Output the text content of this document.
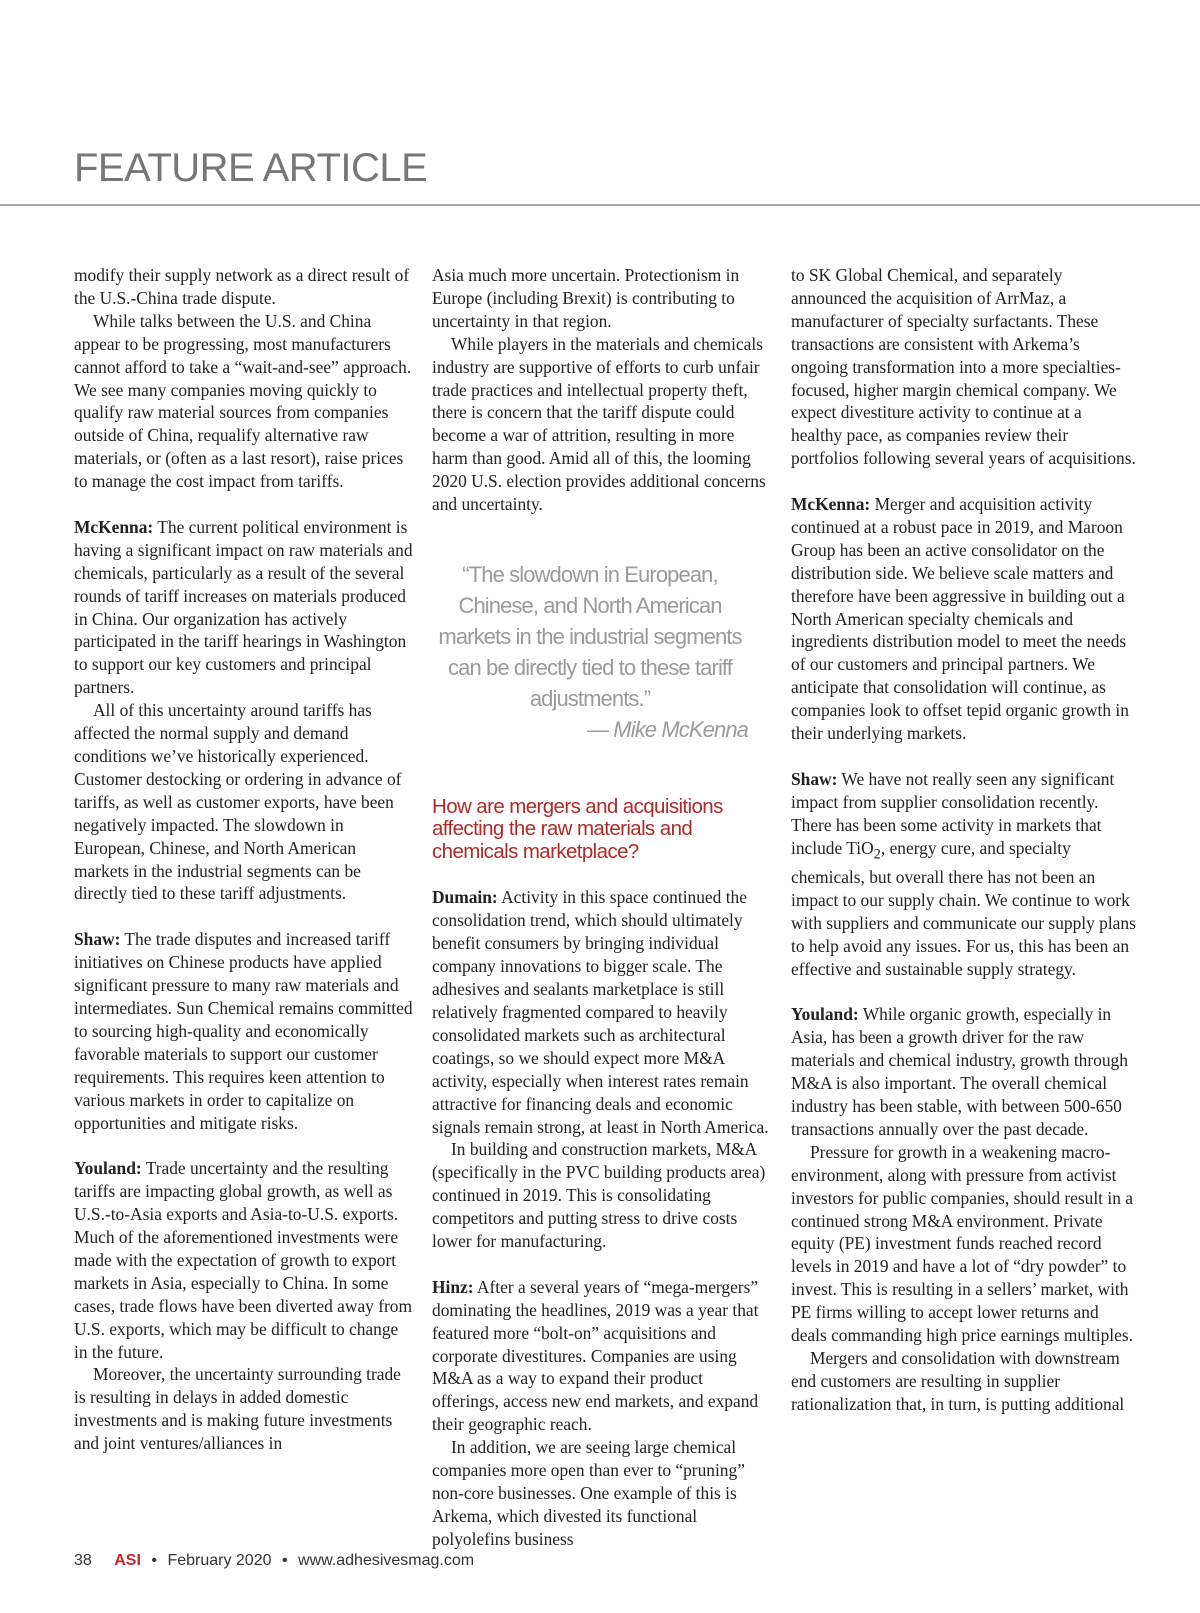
FEATURE ARTICLE

modify their supply network as a direct result of the U.S.-China trade dispute.

While talks between the U.S. and China appear to be progressing, most manufacturers cannot afford to take a “wait-and-see” approach. We see many companies moving quickly to qualify raw material sources from companies outside of China, requalify alternative raw materials, or (often as a last resort), raise prices to manage the cost impact from tariffs.

McKenna: The current political environment is having a significant impact on raw materials and chemicals, particularly as a result of the several rounds of tariff increases on materials produced in China. Our organization has actively participated in the tariff hearings in Washington to support our key customers and principal partners.

All of this uncertainty around tariffs has affected the normal supply and demand conditions we’ve historically experienced. Customer destocking or ordering in advance of tariffs, as well as customer exports, have been negatively impacted. The slowdown in European, Chinese, and North American markets in the industrial segments can be directly tied to these tariff adjustments.

Shaw: The trade disputes and increased tariff initiatives on Chinese products have applied significant pressure to many raw materials and intermediates. Sun Chemical remains committed to sourcing high-quality and economically favorable materials to support our customer requirements. This requires keen attention to various markets in order to capitalize on opportunities and mitigate risks.

Youland: Trade uncertainty and the resulting tariffs are impacting global growth, as well as U.S.-to-Asia exports and Asia-to-U.S. exports. Much of the aforementioned investments were made with the expectation of growth to export markets in Asia, especially to China. In some cases, trade flows have been diverted away from U.S. exports, which may be difficult to change in the future.

Moreover, the uncertainty surrounding trade is resulting in delays in added domestic investments and is making future investments and joint ventures/alliances in

Asia much more uncertain. Protectionism in Europe (including Brexit) is contributing to uncertainty in that region.

While players in the materials and chemicals industry are supportive of efforts to curb unfair trade practices and intellectual property theft, there is concern that the tariff dispute could become a war of attrition, resulting in more harm than good. Amid all of this, the looming 2020 U.S. election provides additional concerns and uncertainty.

“The slowdown in European, Chinese, and North American markets in the industrial segments can be directly tied to these tariff adjustments.”
— Mike McKenna
How are mergers and acquisitions affecting the raw materials and chemicals marketplace?

Dumain: Activity in this space continued the consolidation trend, which should ultimately benefit consumers by bringing individual company innovations to bigger scale. The adhesives and sealants marketplace is still relatively fragmented compared to heavily consolidated markets such as architectural coatings, so we should expect more M&A activity, especially when interest rates remain attractive for financing deals and economic signals remain strong, at least in North America.

In building and construction markets, M&A (specifically in the PVC building products area) continued in 2019. This is consolidating competitors and putting stress to drive costs lower for manufacturing.

Hinz: After a several years of “mega-mergers” dominating the headlines, 2019 was a year that featured more “bolt-on” acquisitions and corporate divestitures. Companies are using M&A as a way to expand their product offerings, access new end markets, and expand their geographic reach.

In addition, we are seeing large chemical companies more open than ever to “pruning” non-core businesses. One example of this is Arkema, which divested its functional polyolefins business

to SK Global Chemical, and separately announced the acquisition of ArrMaz, a manufacturer of specialty surfactants. These transactions are consistent with Arkema’s ongoing transformation into a more specialties-focused, higher margin chemical company. We expect divestiture activity to continue at a healthy pace, as companies review their portfolios following several years of acquisitions.

McKenna: Merger and acquisition activity continued at a robust pace in 2019, and Maroon Group has been an active consolidator on the distribution side. We believe scale matters and therefore have been aggressive in building out a North American specialty chemicals and ingredients distribution model to meet the needs of our customers and principal partners. We anticipate that consolidation will continue, as companies look to offset tepid organic growth in their underlying markets.

Shaw: We have not really seen any significant impact from supplier consolidation recently. There has been some activity in markets that include TiO$_2$, energy cure, and specialty chemicals, but overall there has not been an impact to our supply chain. We continue to work with suppliers and communicate our supply plans to help avoid any issues. For us, this has been an effective and sustainable supply strategy.

Youland: While organic growth, especially in Asia, has been a growth driver for the raw materials and chemical industry, growth through M&A is also important. The overall chemical industry has been stable, with between 500-650 transactions annually over the past decade.

Pressure for growth in a weakening macro-environment, along with pressure from activist investors for public companies, should result in a continued strong M&A environment. Private equity (PE) investment funds reached record levels in 2019 and have a lot of “dry powder” to invest. This is resulting in a sellers’ market, with PE firms willing to accept lower returns and deals commanding high price earnings multiples.

Mergers and consolidation with downstream end customers are resulting in supplier rationalization that, in turn, is putting additional

38 ASI • February 2020 • www.adhesivesmag.com
